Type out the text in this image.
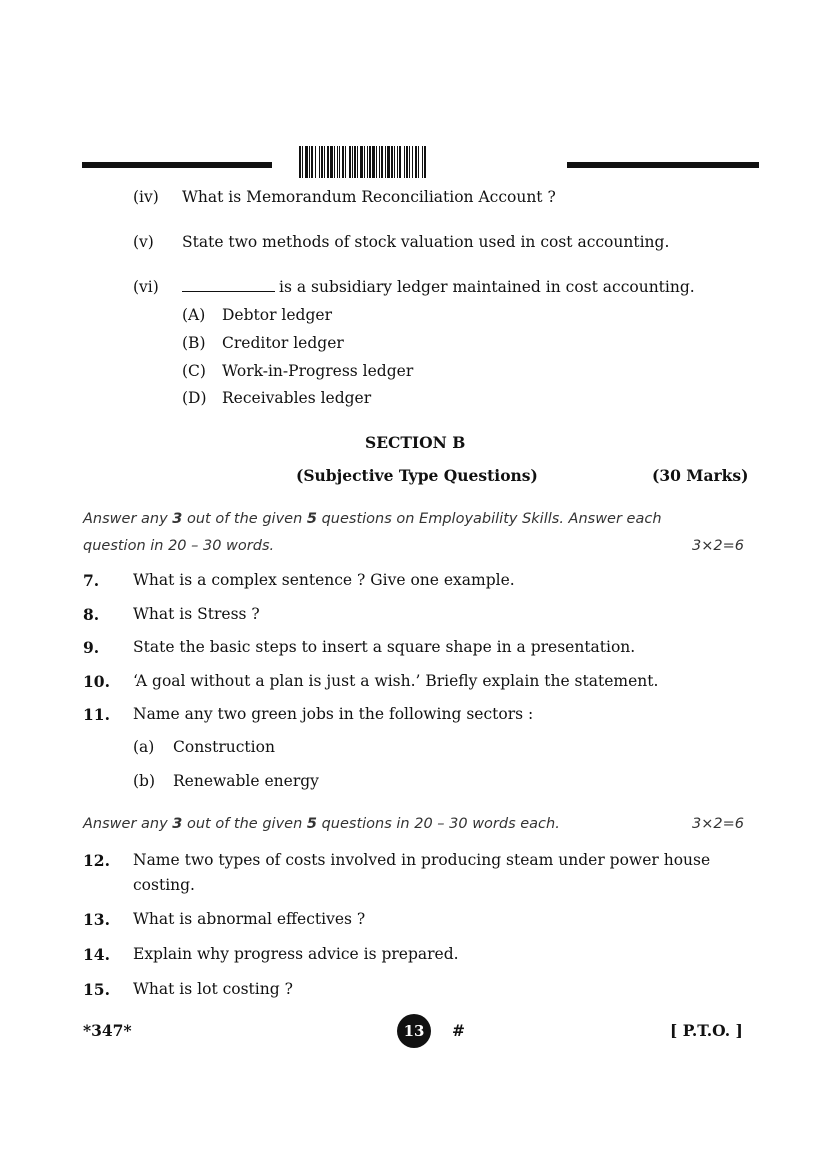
(iv) What is Memorandum Reconciliation Account ?
(v) State two methods of stock valuation used in cost accounting.
(vi)	is a subsidiary ledger maintained in cost accounting.
(A) Debtor ledger
(B) Creditor ledger
(C) Work-in-Progress ledger
(D) Receivables ledger
SECTION B
(Subjective Type Questions)	(30 Marks)
Answer any 3 out of the given 5 questions on Employability Skills. Answer each
question in 20 – 30 words.	3×2=6
7. What is a complex sentence ? Give one example.
8. What is Stress ?
9. State the basic steps to insert a square shape in a presentation.
10. ‘A goal without a plan is just a wish.’ Briefly explain the statement.
11. Name any two green jobs in the following sectors :
(a) Construction
(b) Renewable energy
Answer any 3 out of the given 5 questions in 20 – 30 words each.	3×2=6
12. Name two types of costs involved in producing steam under power house
costing.
13. What is abnormal effectives ?
14. Explain why progress advice is prepared.
15. What is lot costing ?
*347*	13	#	[ P.T.O. ]
